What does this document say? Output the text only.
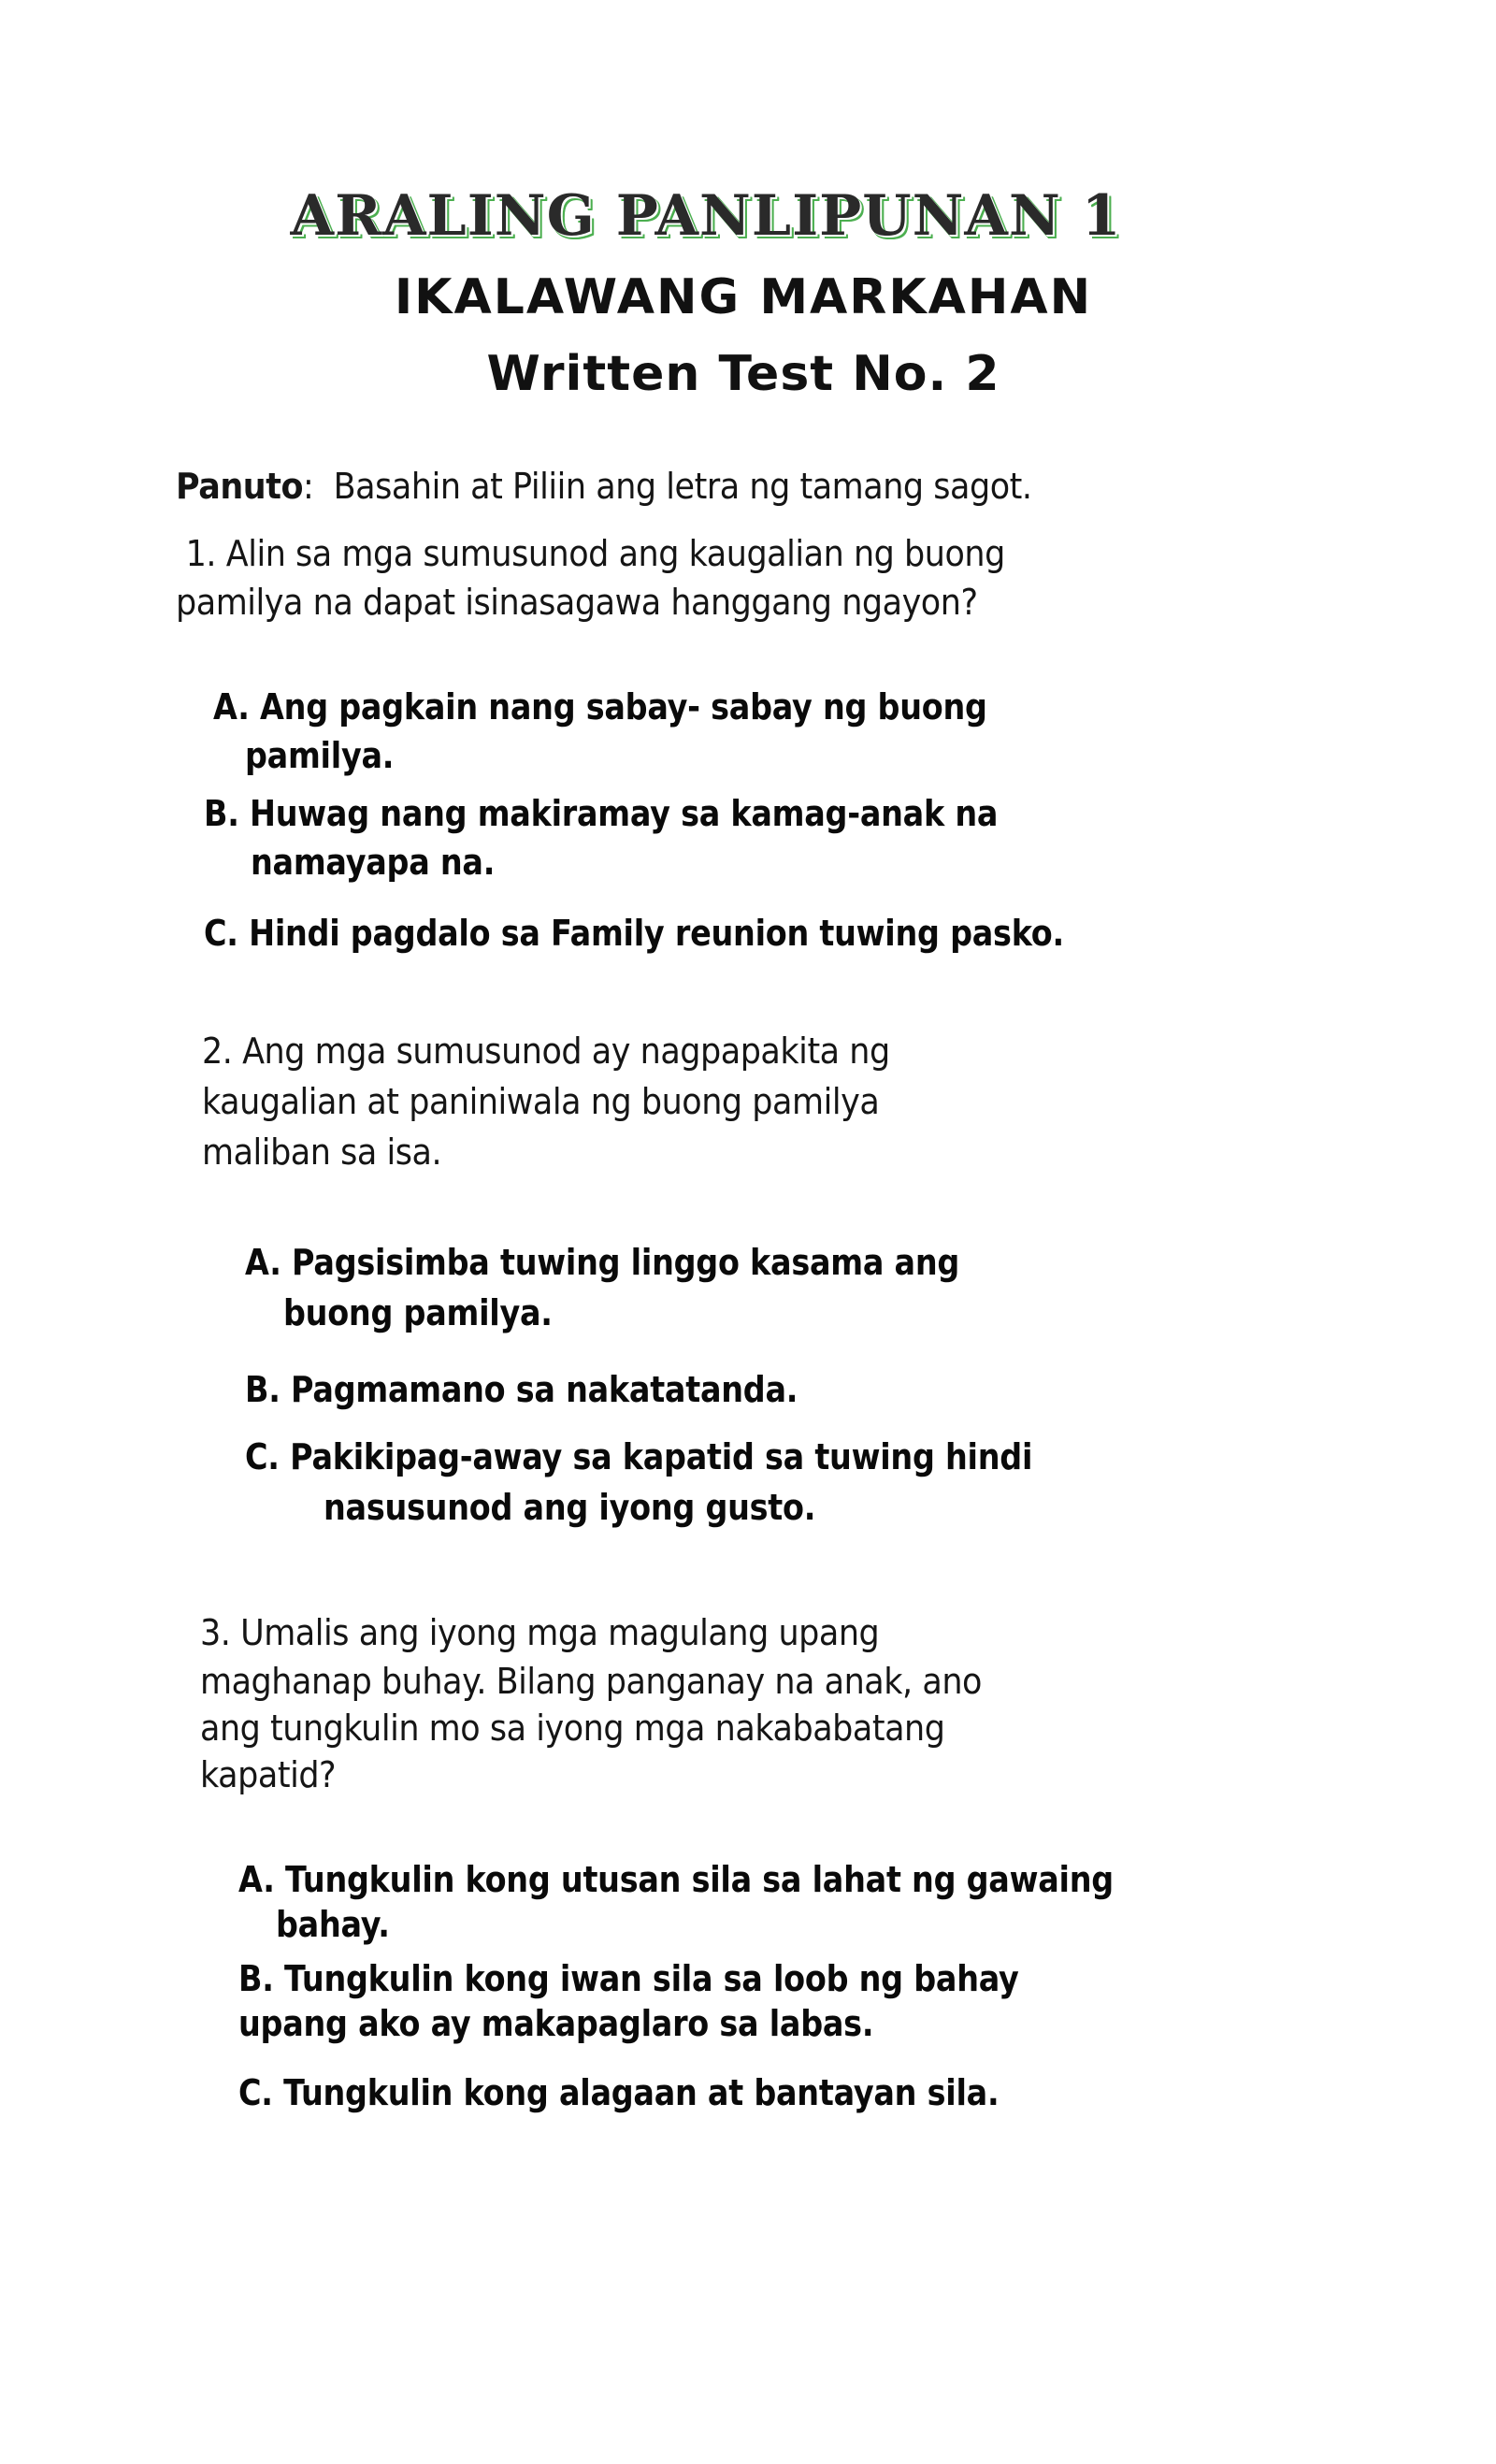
ARALING PANLIPUNAN 1
IKALAWANG MARKAHAN
Written Test No. 2
Panuto:  Basahin at Piliin ang letra ng tamang sagot.
1. Alin sa mga sumusunod ang kaugalian ng buong
pamilya na dapat isinasagawa hanggang ngayon?
A. Ang pagkain nang sabay- sabay ng buong
pamilya.
B. Huwag nang makiramay sa kamag-anak na
namayapa na.
C. Hindi pagdalo sa Family reunion tuwing pasko.
2. Ang mga sumusunod ay nagpapakita ng
kaugalian at paniniwala ng buong pamilya
maliban sa isa.
A. Pagsisimba tuwing linggo kasama ang
buong pamilya.
B. Pagmamano sa nakatatanda.
C. Pakikipag-away sa kapatid sa tuwing hindi
nasusunod ang iyong gusto.
3. Umalis ang iyong mga magulang upang
maghanap buhay. Bilang panganay na anak, ano
ang tungkulin mo sa iyong mga nakababatang
kapatid?
A. Tungkulin kong utusan sila sa lahat ng gawaing
bahay.
B. Tungkulin kong iwan sila sa loob ng bahay
upang ako ay makapaglaro sa labas.
C. Tungkulin kong alagaan at bantayan sila.
